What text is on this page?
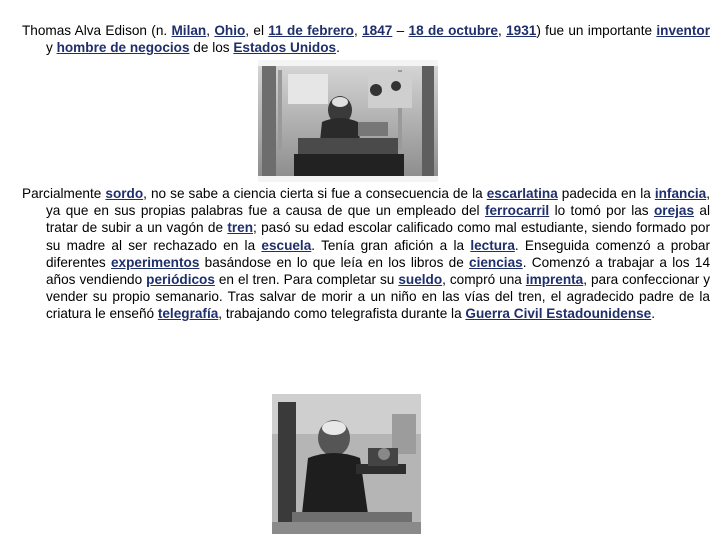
Thomas Alva Edison (n. Milan, Ohio, el 11 de febrero, 1847 – 18 de octubre, 1931) fue un importante inventor y hombre de negocios de los Estados Unidos.

Parcialmente sordo, no se sabe a ciencia cierta si fue a consecuencia de la escarlatina padecida en la infancia, ya que en sus propias palabras fue a causa de que un empleado del ferrocarril lo tomó por las orejas al tratar de subir a un vagón de tren; pasó su edad escolar calificado como mal estudiante, siendo formado por su madre al ser rechazado en la escuela. Tenía gran afición a la lectura. Enseguida comenzó a probar diferentes experimentos basándose en lo que leía en los libros de ciencias. Comenzó a trabajar a los 14 años vendiendo periódicos en el tren. Para completar su sueldo, compró una imprenta, para confeccionar y vender su propio semanario. Tras salvar de morir a un niño en las vías del tren, el agradecido padre de la criatura le enseñó telegrafía, trabajando como telegrafista durante la Guerra Civil Estadounidense.
